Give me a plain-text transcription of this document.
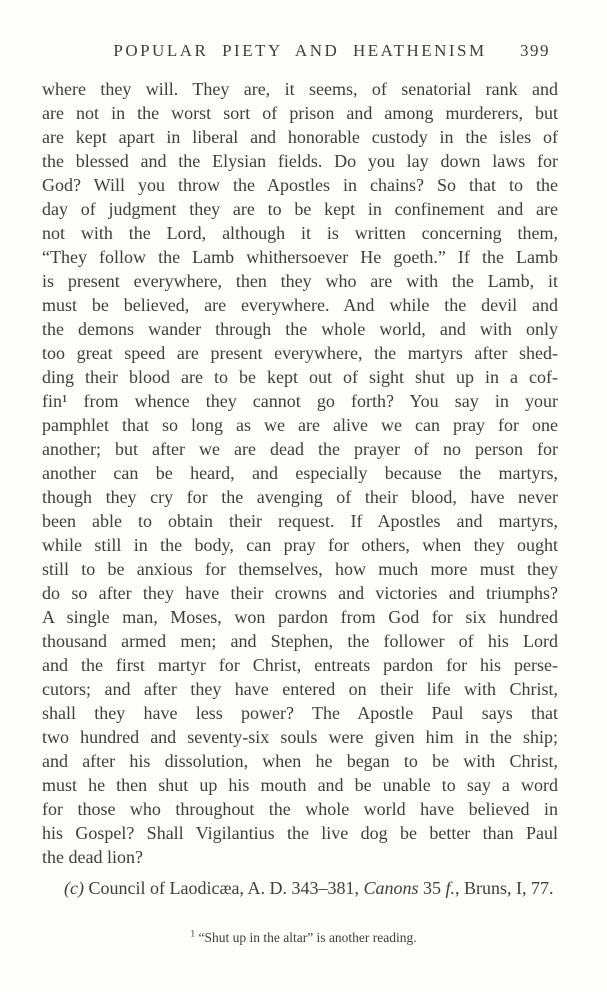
POPULAR PIETY AND HEATHENISM 399
where they will. They are, it seems, of senatorial rank and
are not in the worst sort of prison and among murderers, but
are kept apart in liberal and honorable custody in the isles of
the blessed and the Elysian fields. Do you lay down laws for
God? Will you throw the Apostles in chains? So that to the
day of judgment they are to be kept in confinement and are
not with the Lord, although it is written concerning them,
“They follow the Lamb whithersoever He goeth.” If the Lamb
is present everywhere, then they who are with the Lamb, it
must be believed, are everywhere. And while the devil and
the demons wander through the whole world, and with only
too great speed are present everywhere, the martyrs after shed-
ding their blood are to be kept out of sight shut up in a cof-
fin¹ from whence they cannot go forth? You say in your
pamphlet that so long as we are alive we can pray for one
another; but after we are dead the prayer of no person for
another can be heard, and especially because the martyrs,
though they cry for the avenging of their blood, have never
been able to obtain their request. If Apostles and martyrs,
while still in the body, can pray for others, when they ought
still to be anxious for themselves, how much more must they
do so after they have their crowns and victories and triumphs?
A single man, Moses, won pardon from God for six hundred
thousand armed men; and Stephen, the follower of his Lord
and the first martyr for Christ, entreats pardon for his perse-
cutors; and after they have entered on their life with Christ,
shall they have less power? The Apostle Paul says that
two hundred and seventy-six souls were given him in the ship;
and after his dissolution, when he began to be with Christ,
must he then shut up his mouth and be unable to say a word
for those who throughout the whole world have believed in
his Gospel? Shall Vigilantius the live dog be better than Paul
the dead lion?

(c) Council of Laodicæa, A. D. 343–381, Canons 35 f., Bruns, I, 77.

$^1$ “Shut up in the altar” is another reading.
